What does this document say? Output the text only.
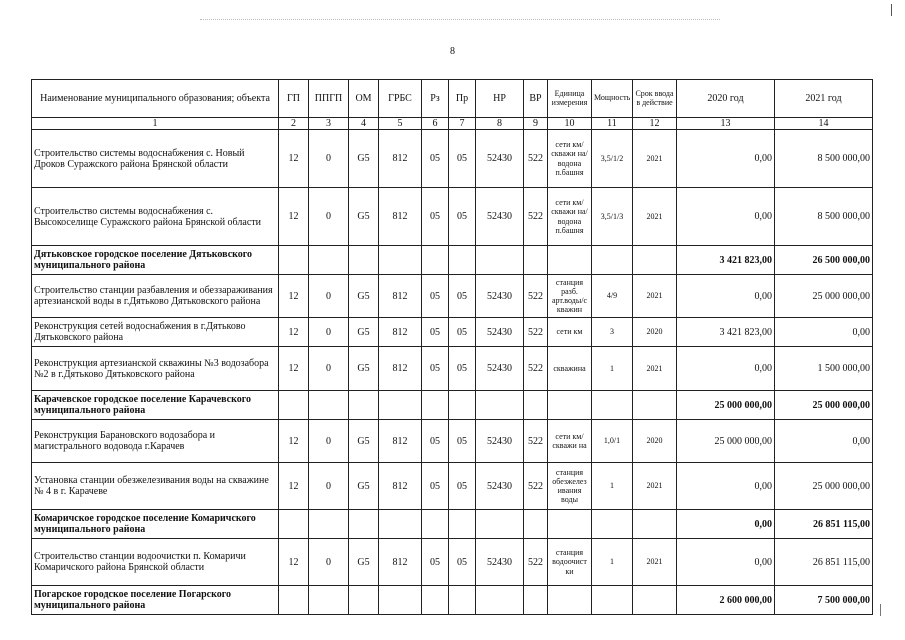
8
Наименование муниципального образования; объекта	ГП	ППГП	ОМ	ГРБС	Рз	Пр	НР	ВР	Единица измерения	Мощность	Срок ввода в действие	2020 год	2021 год
1	2	3	4	5	6	7	8	9	10	11	12	13	14
Строительство системы водоснабжения с. Новый Дроков Суражского района Брянской области	12	0	G5	812	05	05	52430	522	сети км/скважи на/водона п.башня	3,5/1/2	2021	0,00	8 500 000,00
Строительство системы водоснабжения с. Высокоселище Суражского района Брянской области	12	0	G5	812	05	05	52430	522	сети км/скважи на/водона п.башня	3,5/1/3	2021	0,00	8 500 000,00
Дятьковское городское поселение Дятьковского муниципального района												3 421 823,00	26 500 000,00
Строительство станции разбавления и обеззараживания артезианской воды в г.Дятьково Дятьковского района	12	0	G5	812	05	05	52430	522	станция разб. арт.воды/с кважин	4/9	2021	0,00	25 000 000,00
Реконструкция сетей водоснабжения в г.Дятьково Дятьковского района	12	0	G5	812	05	05	52430	522	сети км	3	2020	3 421 823,00	0,00
Реконструкция артезианской скважины №3 водозабора №2 в г.Дятьково Дятьковского района	12	0	G5	812	05	05	52430	522	скважина	1	2021	0,00	1 500 000,00
Карачевское городское поселение Карачевского муниципального района												25 000 000,00	25 000 000,00
Реконструкция Барановского водозабора и магистрального водовода г.Карачев	12	0	G5	812	05	05	52430	522	сети км/скважи на	1,0/1	2020	25 000 000,00	0,00
Установка станции обезжелезивания воды на скважине № 4 в г. Карачеве	12	0	G5	812	05	05	52430	522	станция обезжелез ивания воды	1	2021	0,00	25 000 000,00
Комаричское городское поселение Комаричского муниципального района												0,00	26 851 115,00
Строительство станции водоочистки п. Комаричи Комаричского района Брянской области	12	0	G5	812	05	05	52430	522	станция водоочист ки	1	2021	0,00	26 851 115,00
Погарское городское поселение Погарского муниципального района												2 600 000,00	7 500 000,00
